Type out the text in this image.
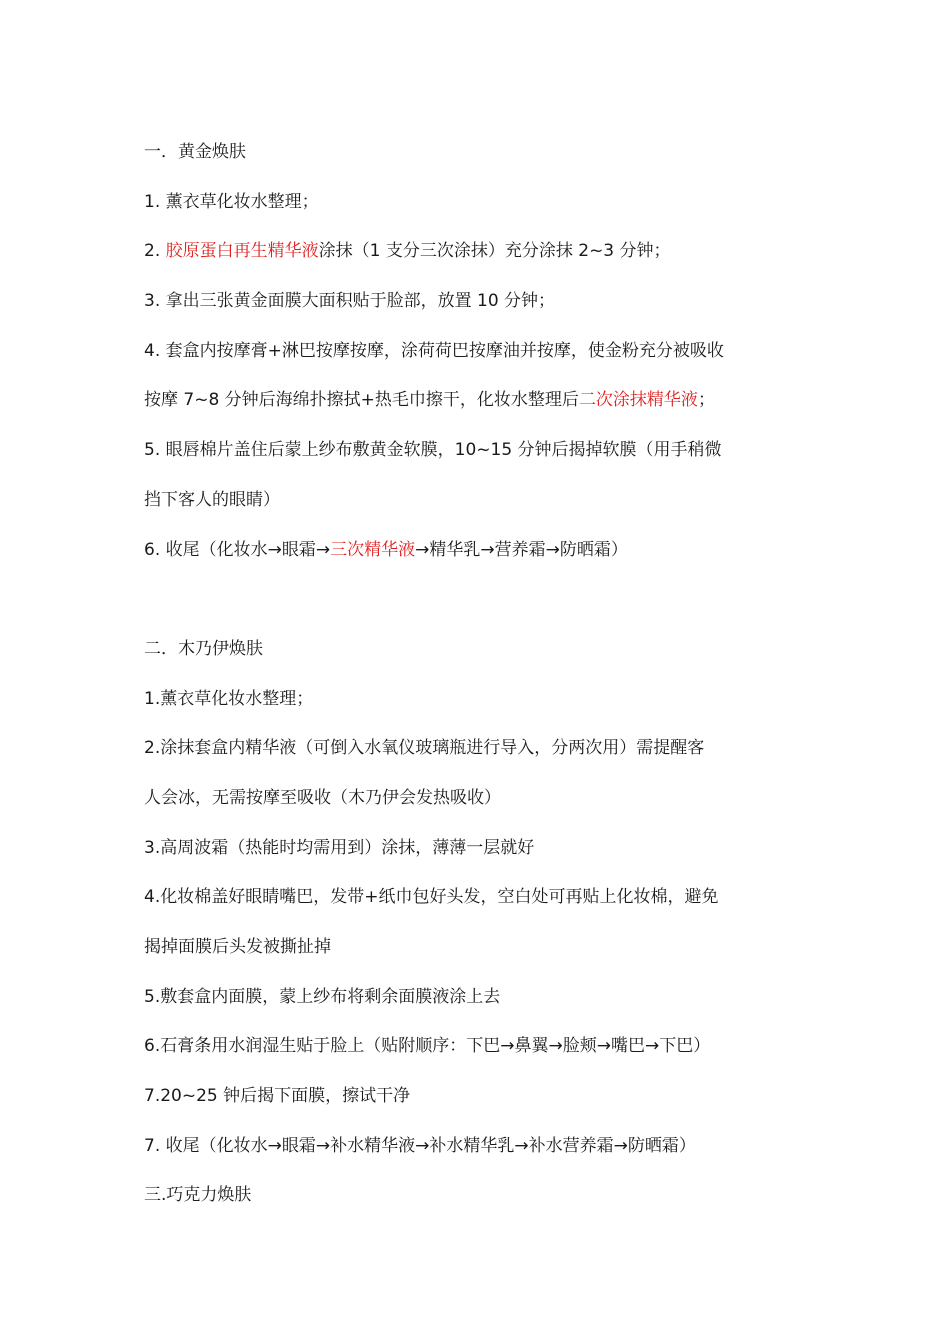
一．黄金焕肤
1. 薰衣草化妆水整理；
2. 胶原蛋白再生精华液涂抹（1 支分三次涂抹）充分涂抹 2~3 分钟；
3. 拿出三张黄金面膜大面积贴于脸部，放置 10 分钟；
4. 套盒内按摩膏+淋巴按摩按摩，涂荷荷巴按摩油并按摩，使金粉充分被吸收
按摩 7~8 分钟后海绵扑擦拭+热毛巾擦干，化妆水整理后二次涂抹精华液；
5. 眼唇棉片盖住后蒙上纱布敷黄金软膜，10~15 分钟后揭掉软膜（用手稍微
挡下客人的眼睛）
6. 收尾（化妆水→眼霜→三次精华液→精华乳→营养霜→防晒霜）
二．木乃伊焕肤
1.薰衣草化妆水整理；
2.涂抹套盒内精华液（可倒入水氧仪玻璃瓶进行导入，分两次用）需提醒客
人会冰，无需按摩至吸收（木乃伊会发热吸收）
3.高周波霜（热能时均需用到）涂抹，薄薄一层就好
4.化妆棉盖好眼睛嘴巴，发带+纸巾包好头发，空白处可再贴上化妆棉，避免
揭掉面膜后头发被撕扯掉
5.敷套盒内面膜，蒙上纱布将剩余面膜液涂上去
6.石膏条用水润湿生贴于脸上（贴附顺序：下巴→鼻翼→脸颊→嘴巴→下巴）
7.20~25 钟后揭下面膜，擦试干净
7. 收尾（化妆水→眼霜→补水精华液→补水精华乳→补水营养霜→防晒霜）
三.巧克力焕肤
